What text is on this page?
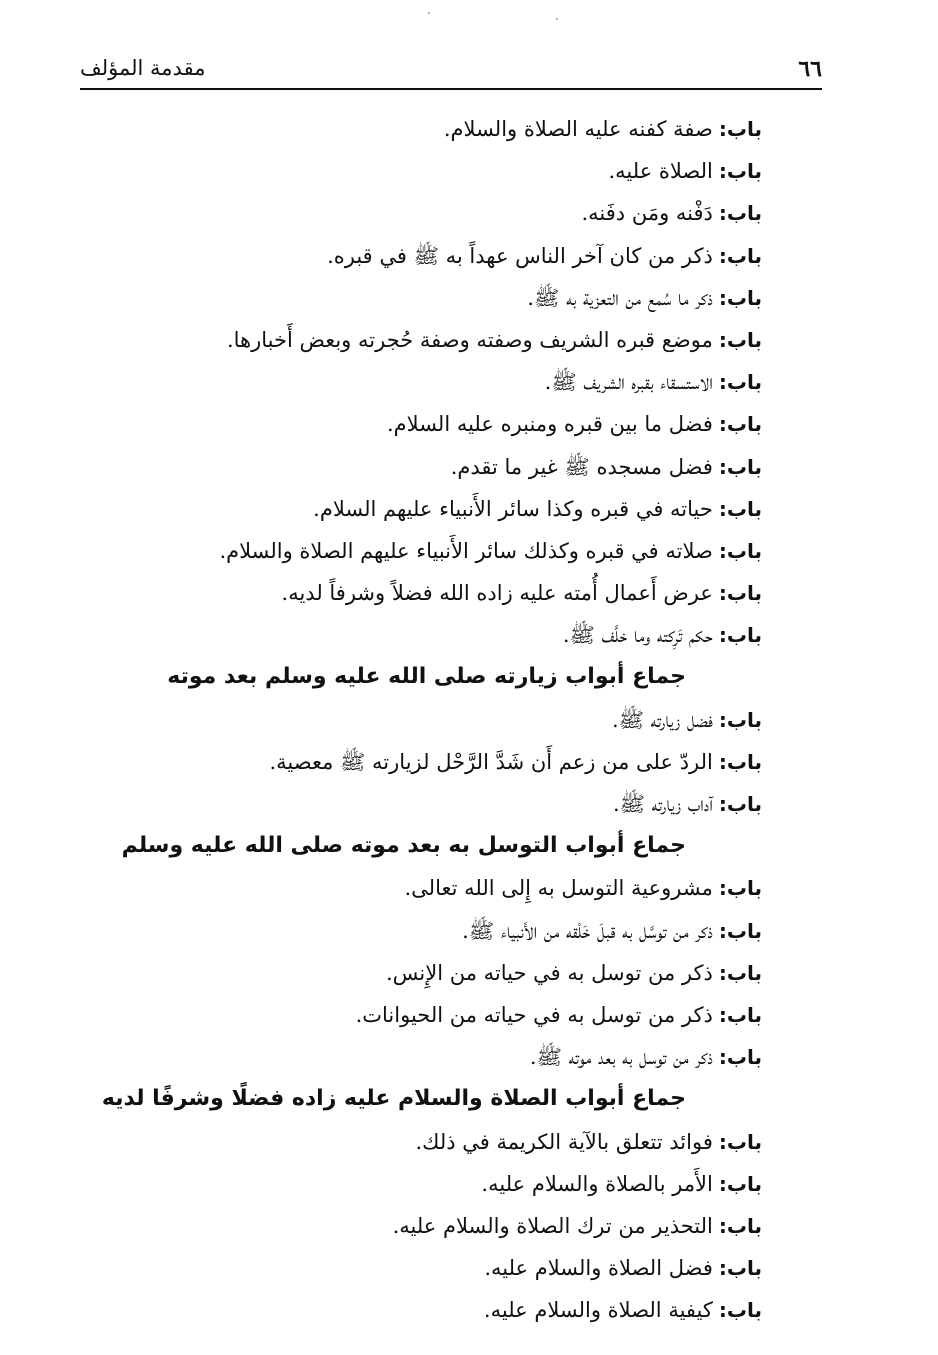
٦٦
مقدمة المؤلف
باب:صفة كفنه عليه الصلاة والسلام.
باب:الصلاة عليه.
باب:دَفْنه ومَن دفَنه.
باب:ذكر من كان آخر الناس عهداً به ﷺ في قبره.
باب:ذكر ما سُمع من التعزية به ﷺ.
باب:موضع قبره الشريف وصفته وصفة حُجرته وبعض أَخبارها.
باب:الاستسقاء بقبره الشريف ﷺ.
باب:فضل ما بين قبره ومنبره عليه السلام.
باب:فضل مسجده ﷺ غير ما تقدم.
باب:حياته في قبره وكذا سائر الأَنبياء عليهم السلام.
باب:صلاته في قبره وكذلك سائر الأَنبياء عليهم الصلاة والسلام.
باب:عرض أَعمال أُمته عليه زاده الله فضلاً وشرفاً لديه.
باب:حكم تَرِكته وما خلَّف ﷺ.
جماع أبواب زيارته صلى الله عليه وسلم بعد موته
باب:فضل زيارته ﷺ.
باب:الردّ على من زعم أَن شَدَّ الرَّحْل لزيارته ﷺ معصية.
باب:آداب زيارته ﷺ.
جماع أبواب التوسل به بعد موته صلى الله عليه وسلم
باب:مشروعية التوسل به إِلى الله تعالى.
باب:ذكر من توسَّل به قبلَ خَلْقه من الأَنبياء ﷺ.
باب:ذكر من توسل به في حياته من الإِنس.
باب:ذكر من توسل به في حياته من الحيوانات.
باب:ذكر من توسل به بعد موته ﷺ.
جماع أبواب الصلاة والسلام عليه زاده فضلًا وشرفًا لديه
باب:فوائد تتعلق بالآية الكريمة في ذلك.
باب:الأَمر بالصلاة والسلام عليه.
باب:التحذير من ترك الصلاة والسلام عليه.
باب:فضل الصلاة والسلام عليه.
باب:كيفية الصلاة والسلام عليه.
